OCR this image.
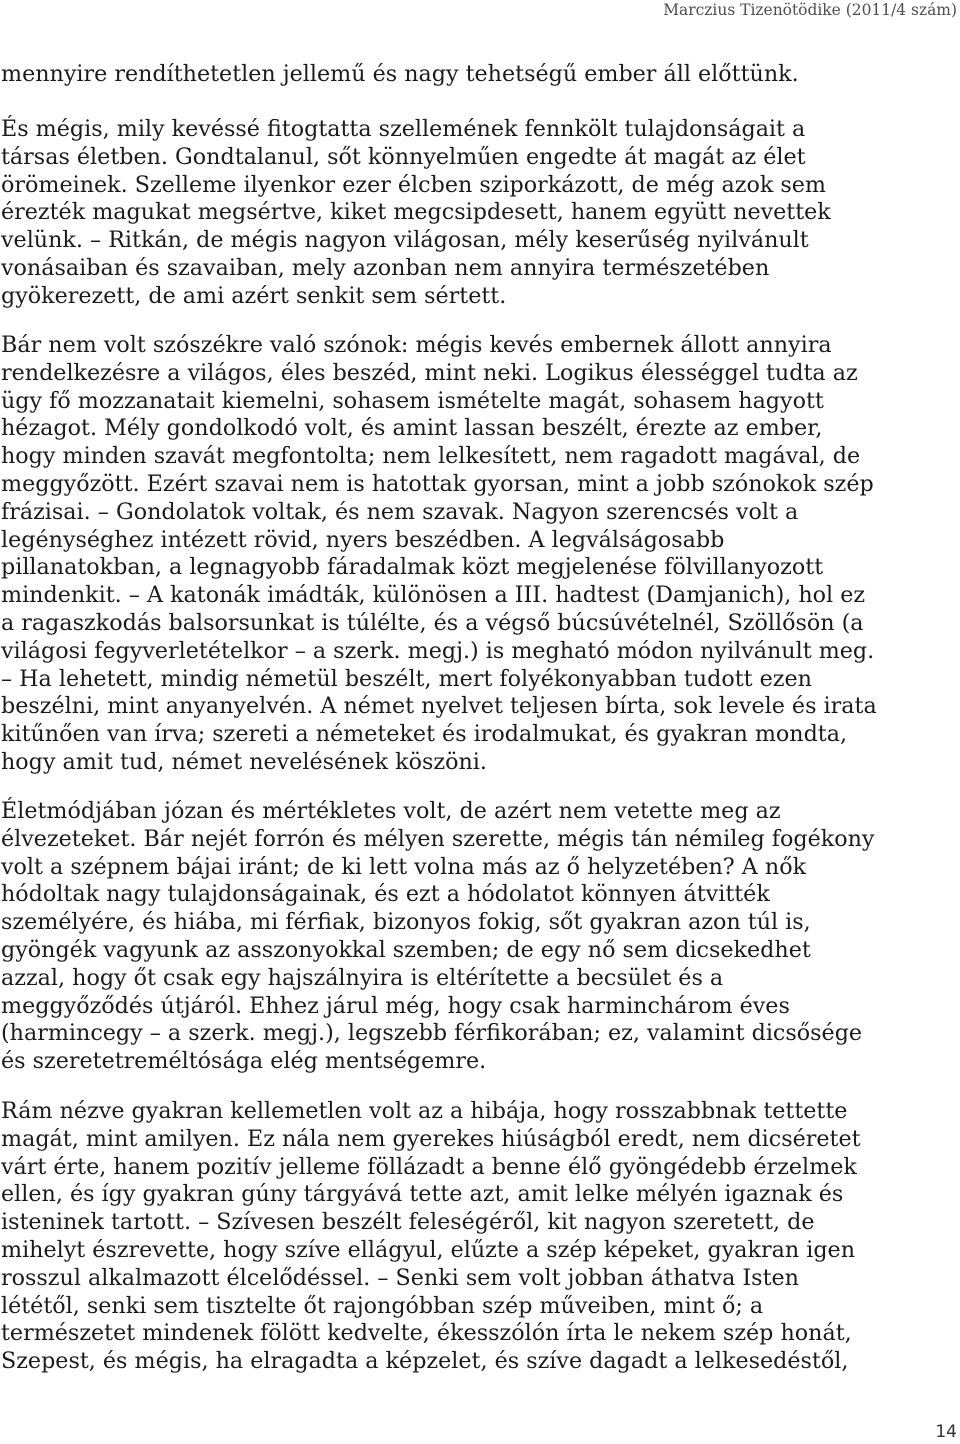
Marczius Tizenötödike (2011/4 szám)
mennyire rendíthetetlen jellemű és nagy tehetségű ember áll előttünk.
És mégis, mily kevéssé fitogtatta szellemének fennkölt tulajdonságait a
társas életben. Gondtalanul, sőt könnyelműen engedte át magát az élet
örömeinek. Szelleme ilyenkor ezer élcben sziporkázott, de még azok sem
érezték magukat megsértve, kiket megcsipdesett, hanem együtt nevettek
velünk. – Ritkán, de mégis nagyon világosan, mély keserűség nyilvánult
vonásaiban és szavaiban, mely azonban nem annyira természetében
gyökerezett, de ami azért senkit sem sértett.
Bár nem volt szószékre való szónok: mégis kevés embernek állott annyira
rendelkezésre a világos, éles beszéd, mint neki. Logikus élességgel tudta az
ügy fő mozzanatait kiemelni, sohasem ismételte magát, sohasem hagyott
hézagot. Mély gondolkodó volt, és amint lassan beszélt, érezte az ember,
hogy minden szavát megfontolta; nem lelkesített, nem ragadott magával, de
meggyőzött. Ezért szavai nem is hatottak gyorsan, mint a jobb szónokok szép
frázisai. – Gondolatok voltak, és nem szavak. Nagyon szerencsés volt a
legénységhez intézett rövid, nyers beszédben. A legválságosabb
pillanatokban, a legnagyobb fáradalmak közt megjelenése fölvillanyozott
mindenkit. – A katonák imádták, különösen a III. hadtest (Damjanich), hol ez
a ragaszkodás balsorsunkat is túlélte, és a végső búcsúvételnél, Szöllősön (a
világosi fegyverletételkor – a szerk. megj.) is megható módon nyilvánult meg.
– Ha lehetett, mindig németül beszélt, mert folyékonyabban tudott ezen
beszélni, mint anyanyelvén. A német nyelvet teljesen bírta, sok levele és irata
kitűnően van írva; szereti a németeket és irodalmukat, és gyakran mondta,
hogy amit tud, német nevelésének köszöni.
Életmódjában józan és mértékletes volt, de azért nem vetette meg az
élvezeteket. Bár nejét forrón és mélyen szerette, mégis tán némileg fogékony
volt a szépnem bájai iránt; de ki lett volna más az ő helyzetében? A nők
hódoltak nagy tulajdonságainak, és ezt a hódolatot könnyen átvitték
személyére, és hiába, mi férfiak, bizonyos fokig, sőt gyakran azon túl is,
gyöngék vagyunk az asszonyokkal szemben; de egy nő sem dicsekedhet
azzal, hogy őt csak egy hajszálnyira is eltérítette a becsület és a
meggyőződés útjáról. Ehhez járul még, hogy csak harminchárom éves
(harmincegy – a szerk. megj.), legszebb férfikorában; ez, valamint dicsősége
és szeretetreméltósága elég mentségemre.
Rám nézve gyakran kellemetlen volt az a hibája, hogy rosszabbnak tettette
magát, mint amilyen. Ez nála nem gyerekes hiúságból eredt, nem dicséretet
várt érte, hanem pozitív jelleme föllázadt a benne élő gyöngédebb érzelmek
ellen, és így gyakran gúny tárgyává tette azt, amit lelke mélyén igaznak és
isteninek tartott. – Szívesen beszélt feleségéről, kit nagyon szeretett, de
mihelyt észrevette, hogy szíve ellágyul, elűzte a szép képeket, gyakran igen
rosszul alkalmazott élcelődéssel. – Senki sem volt jobban áthatva Isten
lététől, senki sem tisztelte őt rajongóbban szép műveiben, mint ő; a
természetet mindenek fölött kedvelte, ékesszólón írta le nekem szép honát,
Szepest, és mégis, ha elragadta a képzelet, és szíve dagadt a lelkesedéstől,
14
